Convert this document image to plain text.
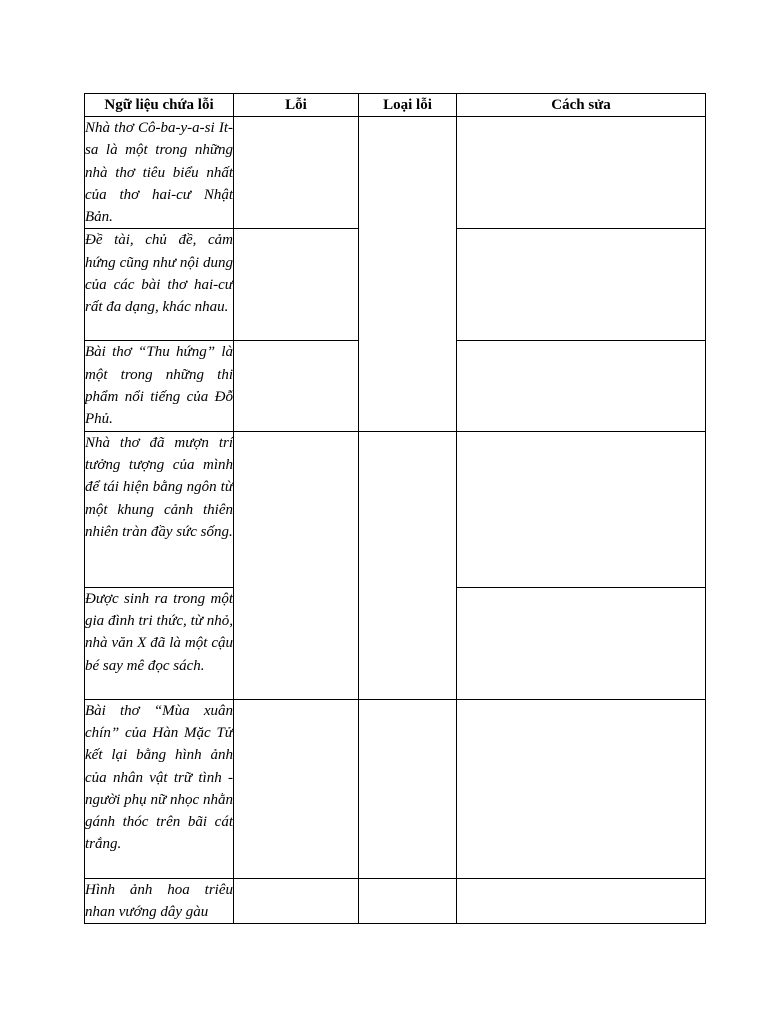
Ngữ liệu chứa lỗi	Lỗi	Loại lỗi	Cách sửa

Nhà thơ Cô-ba-y-a-si It-sa là một trong những nhà thơ tiêu biểu nhất của thơ hai-cư Nhật Bản.			

Đề tài, chủ đề, cảm hứng cũng như nội dung của các bài thơ hai-cư rất đa dạng, khác nhau.			

Bài thơ “Thu hứng” là một trong những thi phẩm nổi tiếng của Đỗ Phủ.			

Nhà thơ đã mượn trí tưởng tượng của mình để tái hiện bằng ngôn từ một khung cảnh thiên nhiên tràn đầy sức sống.			

Được sinh ra trong một gia đình tri thức, từ nhỏ, nhà văn X đã là một cậu bé say mê đọc sách.			

Bài thơ “Mùa xuân chín” của Hàn Mặc Tử kết lại bằng hình ảnh của nhân vật trữ tình - người phụ nữ nhọc nhằn gánh thóc trên bãi cát trắng.			

Hình ảnh hoa triêu nhan vướng dây gàu			
